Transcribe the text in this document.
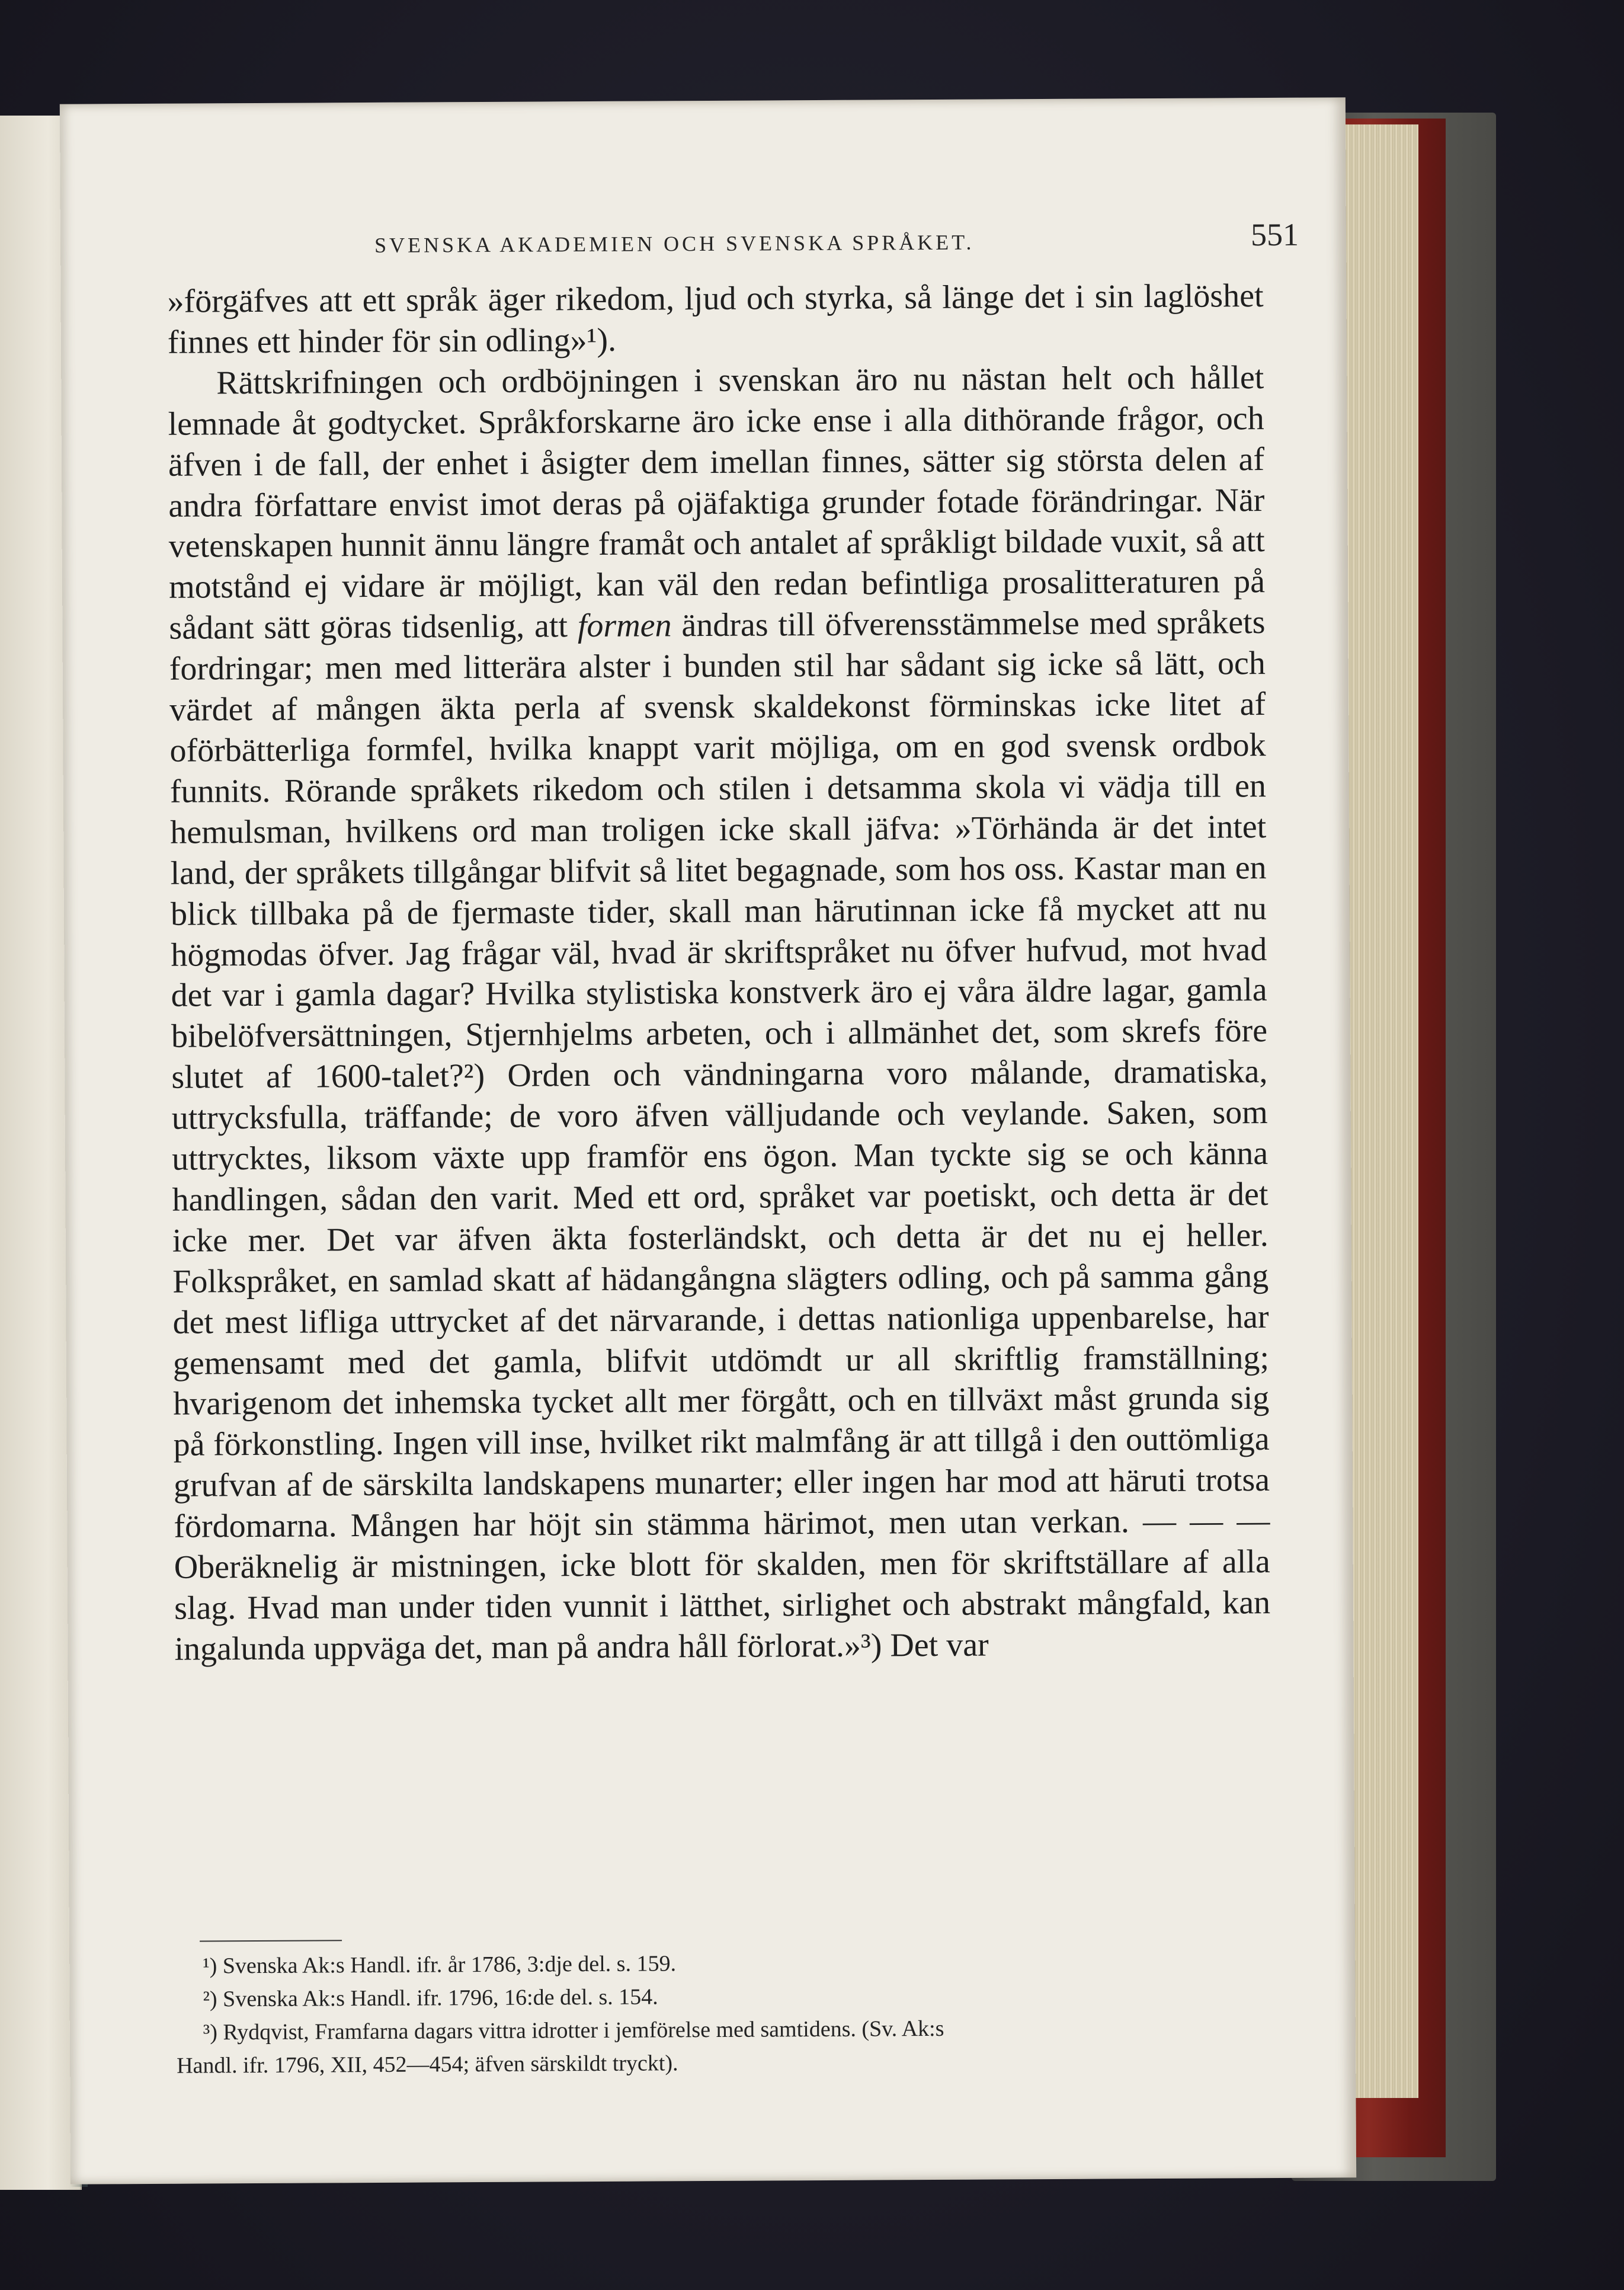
SVENSKA AKADEMIEN OCH SVENSKA SPRÅKET.	551

»förgäfves att ett språk äger rikedom, ljud och styrka, så länge det i sin laglöshet finnes ett hinder för sin odling»¹).

Rättskrifningen och ordböjningen i svenskan äro nu nästan helt och hållet lemnade åt godtycket. Språkforskarne äro icke ense i alla dithörande frågor, och äfven i de fall, der enhet i åsigter dem imellan finnes, sätter sig största delen af andra författare envist imot deras på ojäfaktiga grunder fotade förändringar. När vetenskapen hunnit ännu längre framåt och antalet af språkligt bildade vuxit, så att motstånd ej vidare är möjligt, kan väl den redan befintliga prosalitteraturen på sådant sätt göras tidsenlig, att formen ändras till öfverensstämmelse med språkets fordringar; men med litterära alster i bunden stil har sådant sig icke så lätt, och värdet af mången äkta perla af svensk skaldekonst förminskas icke litet af oförbätterliga formfel, hvilka knappt varit möjliga, om en god svensk ordbok funnits. Rörande språkets rikedom och stilen i detsamma skola vi vädja till en hemulsman, hvilkens ord man troligen icke skall jäfva: »Törhända är det intet land, der språkets tillgångar blifvit så litet begagnade, som hos oss. Kastar man en blick tillbaka på de fjermaste tider, skall man härutinnan icke få mycket att nu högmodas öfver. Jag frågar väl, hvad är skriftspråket nu öfver hufvud, mot hvad det var i gamla dagar? Hvilka stylistiska konstverk äro ej våra äldre lagar, gamla bibelöfversättningen, Stjernhjelms arbeten, och i allmänhet det, som skrefs före slutet af 1600-talet?²) Orden och vändningarna voro målande, dramatiska, uttrycksfulla, träffande; de voro äfven välljudande och veylande. Saken, som uttrycktes, liksom växte upp framför ens ögon. Man tyckte sig se och känna handlingen, sådan den varit. Med ett ord, språket var poetiskt, och detta är det icke mer. Det var äfven äkta fosterländskt, och detta är det nu ej heller. Folkspråket, en samlad skatt af hädangångna slägters odling, och på samma gång det mest lifliga uttrycket af det närvarande, i dettas nationliga uppenbarelse, har gemensamt med det gamla, blifvit utdömdt ur all skriftlig framställning; hvarigenom det inhemska tycket allt mer förgått, och en tillväxt måst grunda sig på förkonstling. Ingen vill inse, hvilket rikt malmfång är att tillgå i den outtömliga grufvan af de särskilta landskapens munarter; eller ingen har mod att häruti trotsa fördomarna. Mången har höjt sin stämma härimot, men utan verkan. — — — Oberäknelig är mistningen, icke blott för skalden, men för skriftställare af alla slag. Hvad man under tiden vunnit i lätthet, sirlighet och abstrakt mångfald, kan ingalunda uppväga det, man på andra håll förlorat.»³) Det var

¹) Svenska Ak:s Handl. ifr. år 1786, 3:dje del. s. 159.
²) Svenska Ak:s Handl. ifr. 1796, 16:de del. s. 154.
³) Rydqvist, Framfarna dagars vittra idrotter i jemförelse med samtidens. (Sv. Ak:s
Handl. ifr. 1796, XII, 452—454; äfven särskildt tryckt).
